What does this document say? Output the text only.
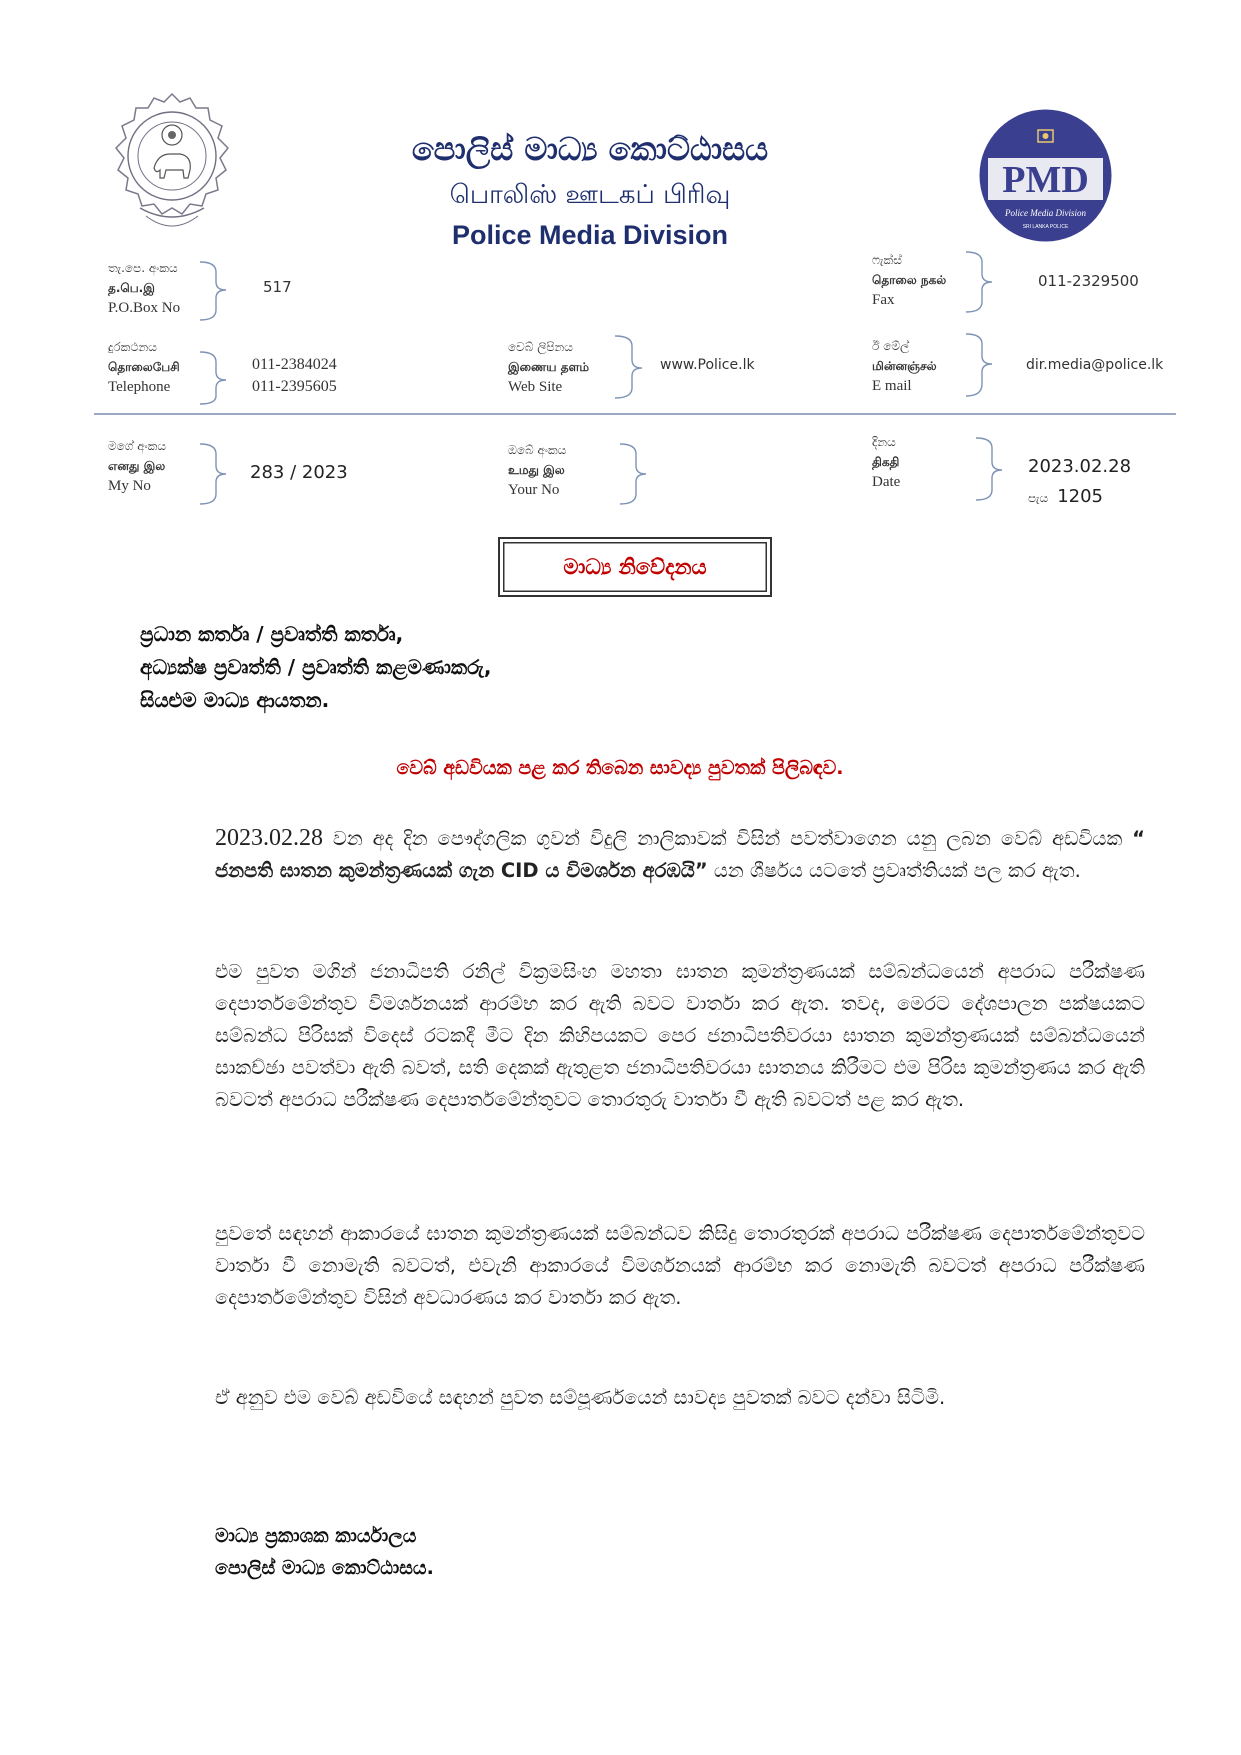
පොලිස් මාධ්‍ය කොට්ඨාසය
பொலிஸ் ஊடகப் பிரிவு
Police Media Division
PMD
Police Media Division
SRI LANKA POLICE
තැ.පෙ. අංකය
த.பெ.இ
P.O.Box No
517
දුරකථනය
தொலைபேசி
Telephone
011-2384024
011-2395605
වෙබ් ලිපිනය
இணைய தளம்
Web Site
www.Police.lk
ෆැක්ස්
தொலை நகல்
Fax
011-2329500
ඊ මේල්
மின்னஞ்சல்
E mail
dir.media@police.lk
මගේ අංකය
எனது இல
My No
283 / 2023
ඔබේ අංකය
உமது இல
Your No
දිනය
திகதி
Date
2023.02.28
පැය 1205
මාධ්‍ය නිවේදනය
ප්‍රධාන කර්තෘ / ප්‍රවෘත්ති කර්තෘ,
අධ්‍යක්ෂ ප්‍රවෘත්ති / ප්‍රවෘත්ති කළමණාකරු,
සියළුම මාධ්‍ය ආයතන.
වෙබ් අඩවියක පළ කර තිබෙන සාවද්‍ය පුවතක් පිලිබඳව.

2023.02.28 වන අද දින පෞද්ගලික ගුවන් විදුලි නාලිකාවක් විසින් පවත්වාගෙන යනු ලබන වෙබ් අඩවියක “ ජනපති ඝාතන කුමන්ත්‍රණයක් ගැන CID ය විමර්ශන අරඹයි” යන ශීර්ෂය යටතේ ප්‍රවෘත්තියක් පල කර ඇත.

එම පුවත මගින් ජනාධිපති රනිල් වික්‍රමසිංහ මහතා ඝාතන කුමන්ත්‍රණයක් සම්බන්ධයෙන් අපරාධ පරීක්ෂණ දෙපාර්තමේන්තුව විමර්ශනයක් ආරම්භ කර ඇති බවට වාර්තා කර ඇත. තවද, මෙරට දේශපාලන පක්ෂයකට සම්බන්ධ පිරිසක් විදෙස් රටකදී මීට දින කිහිපයකට පෙර ජනාධිපතිවරයා ඝාතන කුමන්ත්‍රණයක් සම්බන්ධයෙන් සාකච්ඡා පවත්වා ඇති බවත්, සති දෙකක් ඇතුළත ජනාධිපතිවරයා ඝාතනය කිරීමට එම පිරිස කුමන්ත්‍රණය කර ඇති බවටත් අපරාධ පරීක්ෂණ දෙපාර්තමේන්තුවට තොරතුරු වාර්තා වී ඇති බවටත් පළ කර ඇත.

පුවතේ සඳහන් ආකාරයේ ඝාතන කුමන්ත්‍රණයක් සම්බන්ධව කිසිදු තොරතුරක් අපරාධ පරීක්ෂණ දෙපාර්තමේන්තුවට වාර්තා වී නොමැති බවටත්, එවැනි ආකාරයේ විමර්ශනයක් ආරම්භ කර නොමැති බවටත් අපරාධ පරීක්ෂණ දෙපාර්තමේන්තුව විසින් අවධාරණය කර වාර්තා කර ඇත.

ඒ අනුව එම වෙබ් අඩවියේ සඳහන් පුවත සම්පූර්ණයෙන් සාවද්‍ය පුවතක් බවට දන්වා සිටිමි.

මාධ්‍ය ප්‍රකාශක කාර්යාලය
පොලිස් මාධ්‍ය කොට්ඨාසය.
